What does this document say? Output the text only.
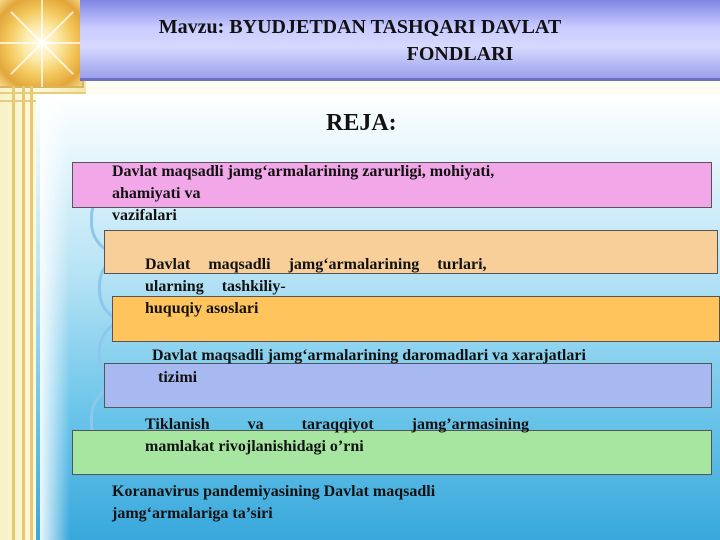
Mavzu: BYUDJETDAN TASHQARI DAVLAT
FONDLARI
REJA:
Davlat maqsadli jamg‘armalarining zarurligi, mohiyati,
ahamiyati va
vazifalari
Davlat maqsadli jamg‘armalarining turlari,
ularning tashkiliy-
huquqiy asoslari
Davlat maqsadli jamg‘armalarining daromadlari va xarajatlari
tizimi
Tiklanish va taraqqiyot jamg’armasining
mamlakat rivojlanishidagi o’rni
Koranavirus pandemiyasining Davlat maqsadli
jamg‘armalariga ta’siri
